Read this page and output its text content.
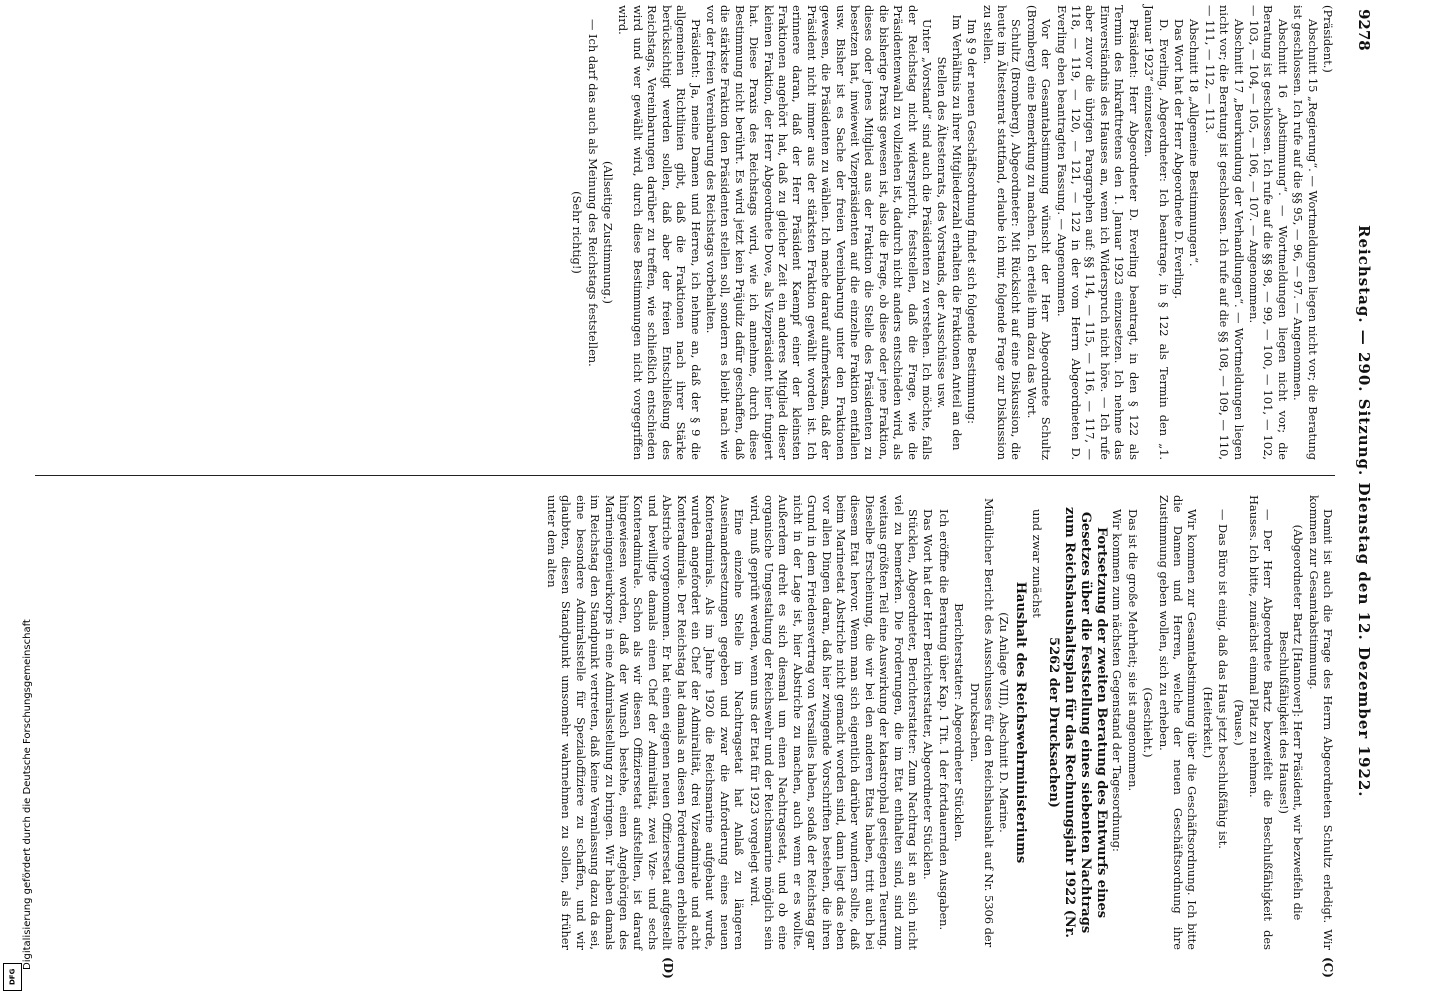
9278
Reichstag. — 290. Sitzung. Dienstag den 12. Dezember 1922.
(C)
(D)

(Präsident.)

Abschnitt 15 „Regierung“. — Wortmeldungen liegen nicht vor; die Beratung ist geschlossen. Ich rufe auf die §§ 95, — 96, — 97. — Angenommen.

Abschnitt 16 „Abstimmung“. — Wortmeldungen liegen nicht vor; die Beratung ist geschlossen. Ich rufe auf die §§ 98, — 99, — 100, — 101, — 102, — 103, — 104, — 105, — 106, — 107. — Angenommen.

Abschnitt 17 „Beurkundung der Verhandlungen“. — Wortmeldungen liegen nicht vor; die Beratung ist geschlossen. Ich rufe auf die §§ 108, — 109, — 110, — 111, — 112, — 113.

Abschnitt 18 „Allgemeine Bestimmungen“.

Das Wort hat der Herr Abgeordnete D. Everling.

D. Everling, Abgeordneter: Ich beantrage, in § 122 als Termin den „1. Januar 1923“ einzusetzen.

Präsident: Herr Abgeordneter D. Everling beantragt, in den § 122 als Termin des Inkrafttretens den 1. Januar 1923 einzusetzen. Ich nehme das Einverständnis des Hauses an, wenn ich Widerspruch nicht höre. — Ich rufe aber zuvor die übrigen Paragraphen auf: §§ 114, — 115, — 116, — 117, — 118, — 119, — 120, — 121, — 122 in der vom Herrn Abgeordneten D. Everling eben beantragten Fassung. — Angenommen.

Vor der Gesamtabstimmung wünscht der Herr Abgeordnete Schultz (Bromberg) eine Bemerkung zu machen. Ich erteile ihm dazu das Wort.

Schultz (Bromberg), Abgeordneter: Mit Rücksicht auf eine Diskussion, die heute im Ältestenrat stattfand, erlaube ich mir, folgende Frage zur Diskussion zu stellen.

Im § 9 der neuen Geschäftsordnung findet sich folgende Bestimmung:

Im Verhältnis zu ihrer Mitgliederzahl erhalten die Fraktionen Anteil an den Stellen des Ältestenrats, des Vorstands, der Ausschüsse usw.

Unter „Vorstand“ sind auch die Präsidenten zu verstehen. Ich möchte, falls der Reichstag nicht widerspricht, feststellen, daß die Frage, wie die Präsidentenwahl zu vollziehen ist, dadurch nicht anders entschieden wird, als die bisherige Praxis gewesen ist, also die Frage, ob diese oder jene Fraktion, dieses oder jenes Mitglied aus der Fraktion die Stelle des Präsidenten zu besetzen hat, inwieweit Vizepräsidenten auf die einzelne Fraktion entfallen usw. Bisher ist es Sache der freien Vereinbarung unter den Fraktionen gewesen, die Präsidenten zu wählen. Ich mache darauf aufmerksam, daß der Präsident nicht immer aus der stärksten Fraktion gewählt worden ist. Ich erinnere daran, daß der Herr Präsident Kaempf einer der kleinsten Fraktionen angehört hat, daß zu gleicher Zeit ein anderes Mitglied dieser kleinen Fraktion, der Herr Abgeordnete Dove, als Vizepräsident hier fungiert hat. Diese Praxis des Reichstags wird, wie ich annehme, durch diese Bestimmung nicht berührt. Es wird jetzt kein Präjudiz dafür geschaffen, daß die stärkste Fraktion den Präsidenten stellen soll, sondern es bleibt nach wie vor der freien Vereinbarung des Reichstags vorbehalten.

Präsident: Ja, meine Damen und Herren, ich nehme an, daß der § 9 die allgemeinen Richtlinien gibt, daß die Fraktionen nach ihrer Stärke berücksichtigt werden sollen, daß aber der freien Entschließung des Reichstags, Vereinbarungen darüber zu treffen, wie schließlich entschieden wird und wer gewählt wird, durch diese Bestimmungen nicht vorgegriffen wird.

(Allseitige Zustimmung.)

— Ich darf das auch als Meinung des Reichstags feststellen.

(Sehr richtig!)

Damit ist auch die Frage des Herrn Abgeordneten Schultz erledigt. Wir kommen zur Gesamtabstimmung.

(Abgeordneter Bartz [Hannover]: Herr Präsident, wir bezweifeln die Beschlußfähigkeit des Hauses!)

— Der Herr Abgeordnete Bartz bezweifelt die Beschlußfähigkeit des Hauses. Ich bitte, zunächst einmal Platz zu nehmen.

(Pause.)

— Das Büro ist einig, daß das Haus jetzt beschlußfähig ist.

(Heiterkeit.)

Wir kommen zur Gesamtabstimmung über die Geschäftsordnung. Ich bitte die Damen und Herren, welche der neuen Geschäftsordnung ihre Zustimmung geben wollen, sich zu erheben.

(Geschieht.)

Das ist die große Mehrheit; sie ist angenommen.

Wir kommen zum nächsten Gegenstand der Tagesordnung:

Fortsetzung der zweiten Beratung des Entwurfs eines Gesetzes über die Feststellung eines siebenten Nachtrags zum Reichshaushaltsplan für das Rechnungsjahr 1922 (Nr. 5262 der Drucksachen)

und zwar zunächst

Haushalt des Reichswehrministeriums

(Zu Anlage VIII), Abschnitt D. Marine.

Mündlicher Bericht des Ausschusses für den Reichshaushalt auf Nr. 5306 der Drucksachen.

Berichterstatter: Abgeordneter Stücklen.

Ich eröffne die Beratung über Kap. 1 Tit. 1 der fortdauernden Ausgaben.

Das Wort hat der Herr Berichterstatter, Abgeordneter Stücklen.

Stücklen, Abgeordneter, Berichterstatter: Zum Nachtrag ist an sich nicht viel zu bemerken. Die Forderungen, die im Etat enthalten sind, sind zum weitaus größten Teil eine Auswirkung der katastrophal gestiegenen Teuerung. Dieselbe Erscheinung, die wir bei den anderen Etats haben, tritt auch bei diesem Etat hervor. Wenn man sich eigentlich darüber wundern sollte, daß beim Marineetat Abstriche nicht gemacht worden sind, dann liegt das eben vor allen Dingen daran, daß hier zwingende Vorschriften bestehen, die ihren Grund in dem Friedensvertrag von Versailles haben, sodaß der Reichstag gar nicht in der Lage ist, hier Abstriche zu machen, auch wenn er es wollte. Außerdem dreht es sich diesmal um einen Nachtragsetat, und ob eine organische Umgestaltung der Reichswehr und der Reichsmarine möglich sein wird, muß geprüft werden, wenn uns der Etat für 1923 vorgelegt wird.

Eine einzelne Stelle im Nachtragsetat hat Anlaß zu längeren Auseinandersetzungen gegeben und zwar die Anforderung eines neuen Konteradmirals. Als im Jahre 1920 die Reichsmarine aufgebaut wurde, wurden angefordert ein Chef der Admiralität, drei Vizeadmirale und acht Konteradmirale. Der Reichstag hat damals an diesen Forderungen erhebliche Abstriche vorgenommen. Er hat einen eigenen neuen Offiziersetat aufgestellt und bewilligte damals einen Chef der Admiralität, zwei Vize- und sechs Konteradmirale. Schon als wir diesen Offiziersetat aufstellten, ist darauf hingewiesen worden, daß der Wunsch bestehe, einen Angehörigen des Marineingenieurkorps in eine Admiralsstellung zu bringen. Wir haben damals im Reichstag den Standpunkt vertreten, daß keine Veranlassung dazu da sei, eine besondere Admiralsstelle für Spezialoffiziere zu schaffen, und wir glaubten, diesen Standpunkt umsomehr wahrnehmen zu sollen, als früher unter dem alten

Digitalisierung gefördert durch die Deutsche Forschungsgemeinschaft
DFG
